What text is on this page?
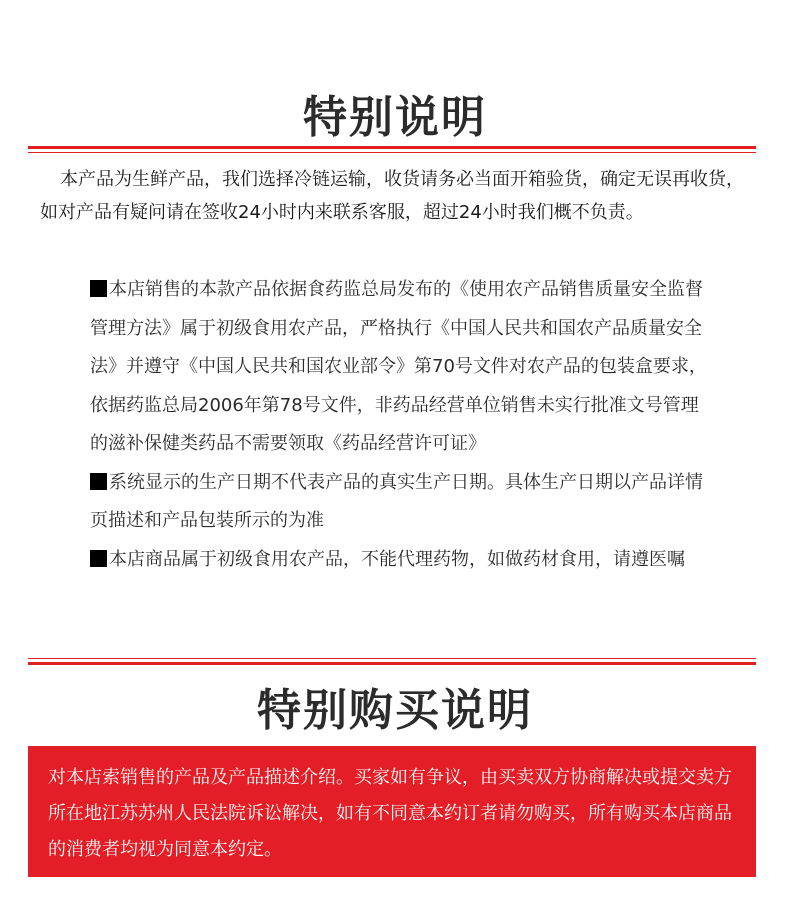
特别说明

本产品为生鲜产品，我们选择冷链运输，收货请务必当面开箱验货，确定无误再收货，如对产品有疑问请在签收24小时内来联系客服，超过24小时我们概不负责。

本店销售的本款产品依据食药监总局发布的《使用农产品销售质量安全监督管理方法》属于初级食用农产品，严格执行《中国人民共和国农产品质量安全法》并遵守《中国人民共和国农业部令》第70号文件对农产品的包装盒要求，依据药监总局2006年第78号文件，非药品经营单位销售未实行批准文号管理的滋补保健类药品不需要领取《药品经营许可证》
系统显示的生产日期不代表产品的真实生产日期。具体生产日期以产品详情页描述和产品包装所示的为准
本店商品属于初级食用农产品，不能代理药物，如做药材食用，请遵医嘱
特别购买说明

对本店索销售的产品及产品描述介绍。买家如有争议，由买卖双方协商解决或提交卖方所在地江苏苏州人民法院诉讼解决，如有不同意本约订者请勿购买，所有购买本店商品的消费者均视为同意本约定。
